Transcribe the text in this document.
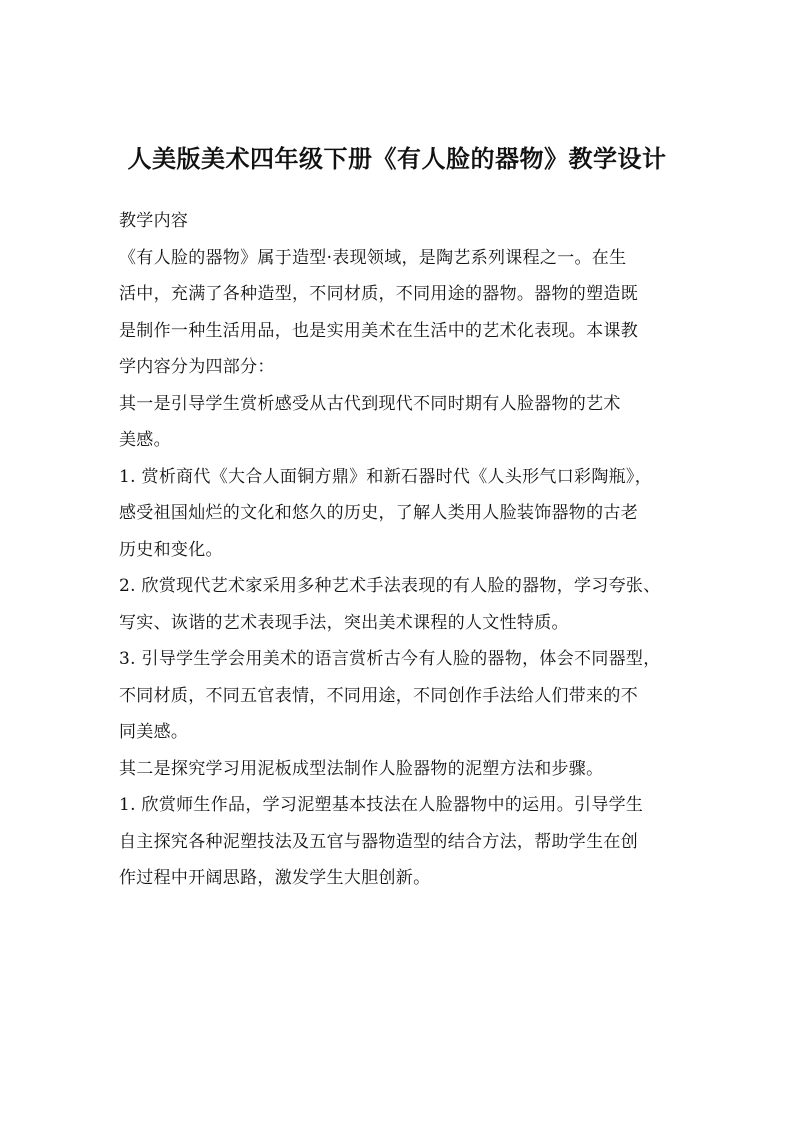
人美版美术四年级下册《有人脸的器物》教学设计

教学内容

《有人脸的器物》属于造型·表现领域，是陶艺系列课程之一。在生

活中，充满了各种造型，不同材质，不同用途的器物。器物的塑造既

是制作一种生活用品，也是实用美术在生活中的艺术化表现。本课教

学内容分为四部分：

其一是引导学生赏析感受从古代到现代不同时期有人脸器物的艺术

美感。

1. 赏析商代《大合人面铜方鼎》和新石器时代《人头形气口彩陶瓶》，

感受祖国灿烂的文化和悠久的历史，了解人类用人脸装饰器物的古老

历史和变化。

2. 欣赏现代艺术家采用多种艺术手法表现的有人脸的器物，学习夸张、

写实、诙谐的艺术表现手法，突出美术课程的人文性特质。

3. 引导学生学会用美术的语言赏析古今有人脸的器物，体会不同器型，

不同材质，不同五官表情，不同用途，不同创作手法给人们带来的不

同美感。

其二是探究学习用泥板成型法制作人脸器物的泥塑方法和步骤。

1. 欣赏师生作品，学习泥塑基本技法在人脸器物中的运用。引导学生

自主探究各种泥塑技法及五官与器物造型的结合方法，帮助学生在创

作过程中开阔思路，激发学生大胆创新。
